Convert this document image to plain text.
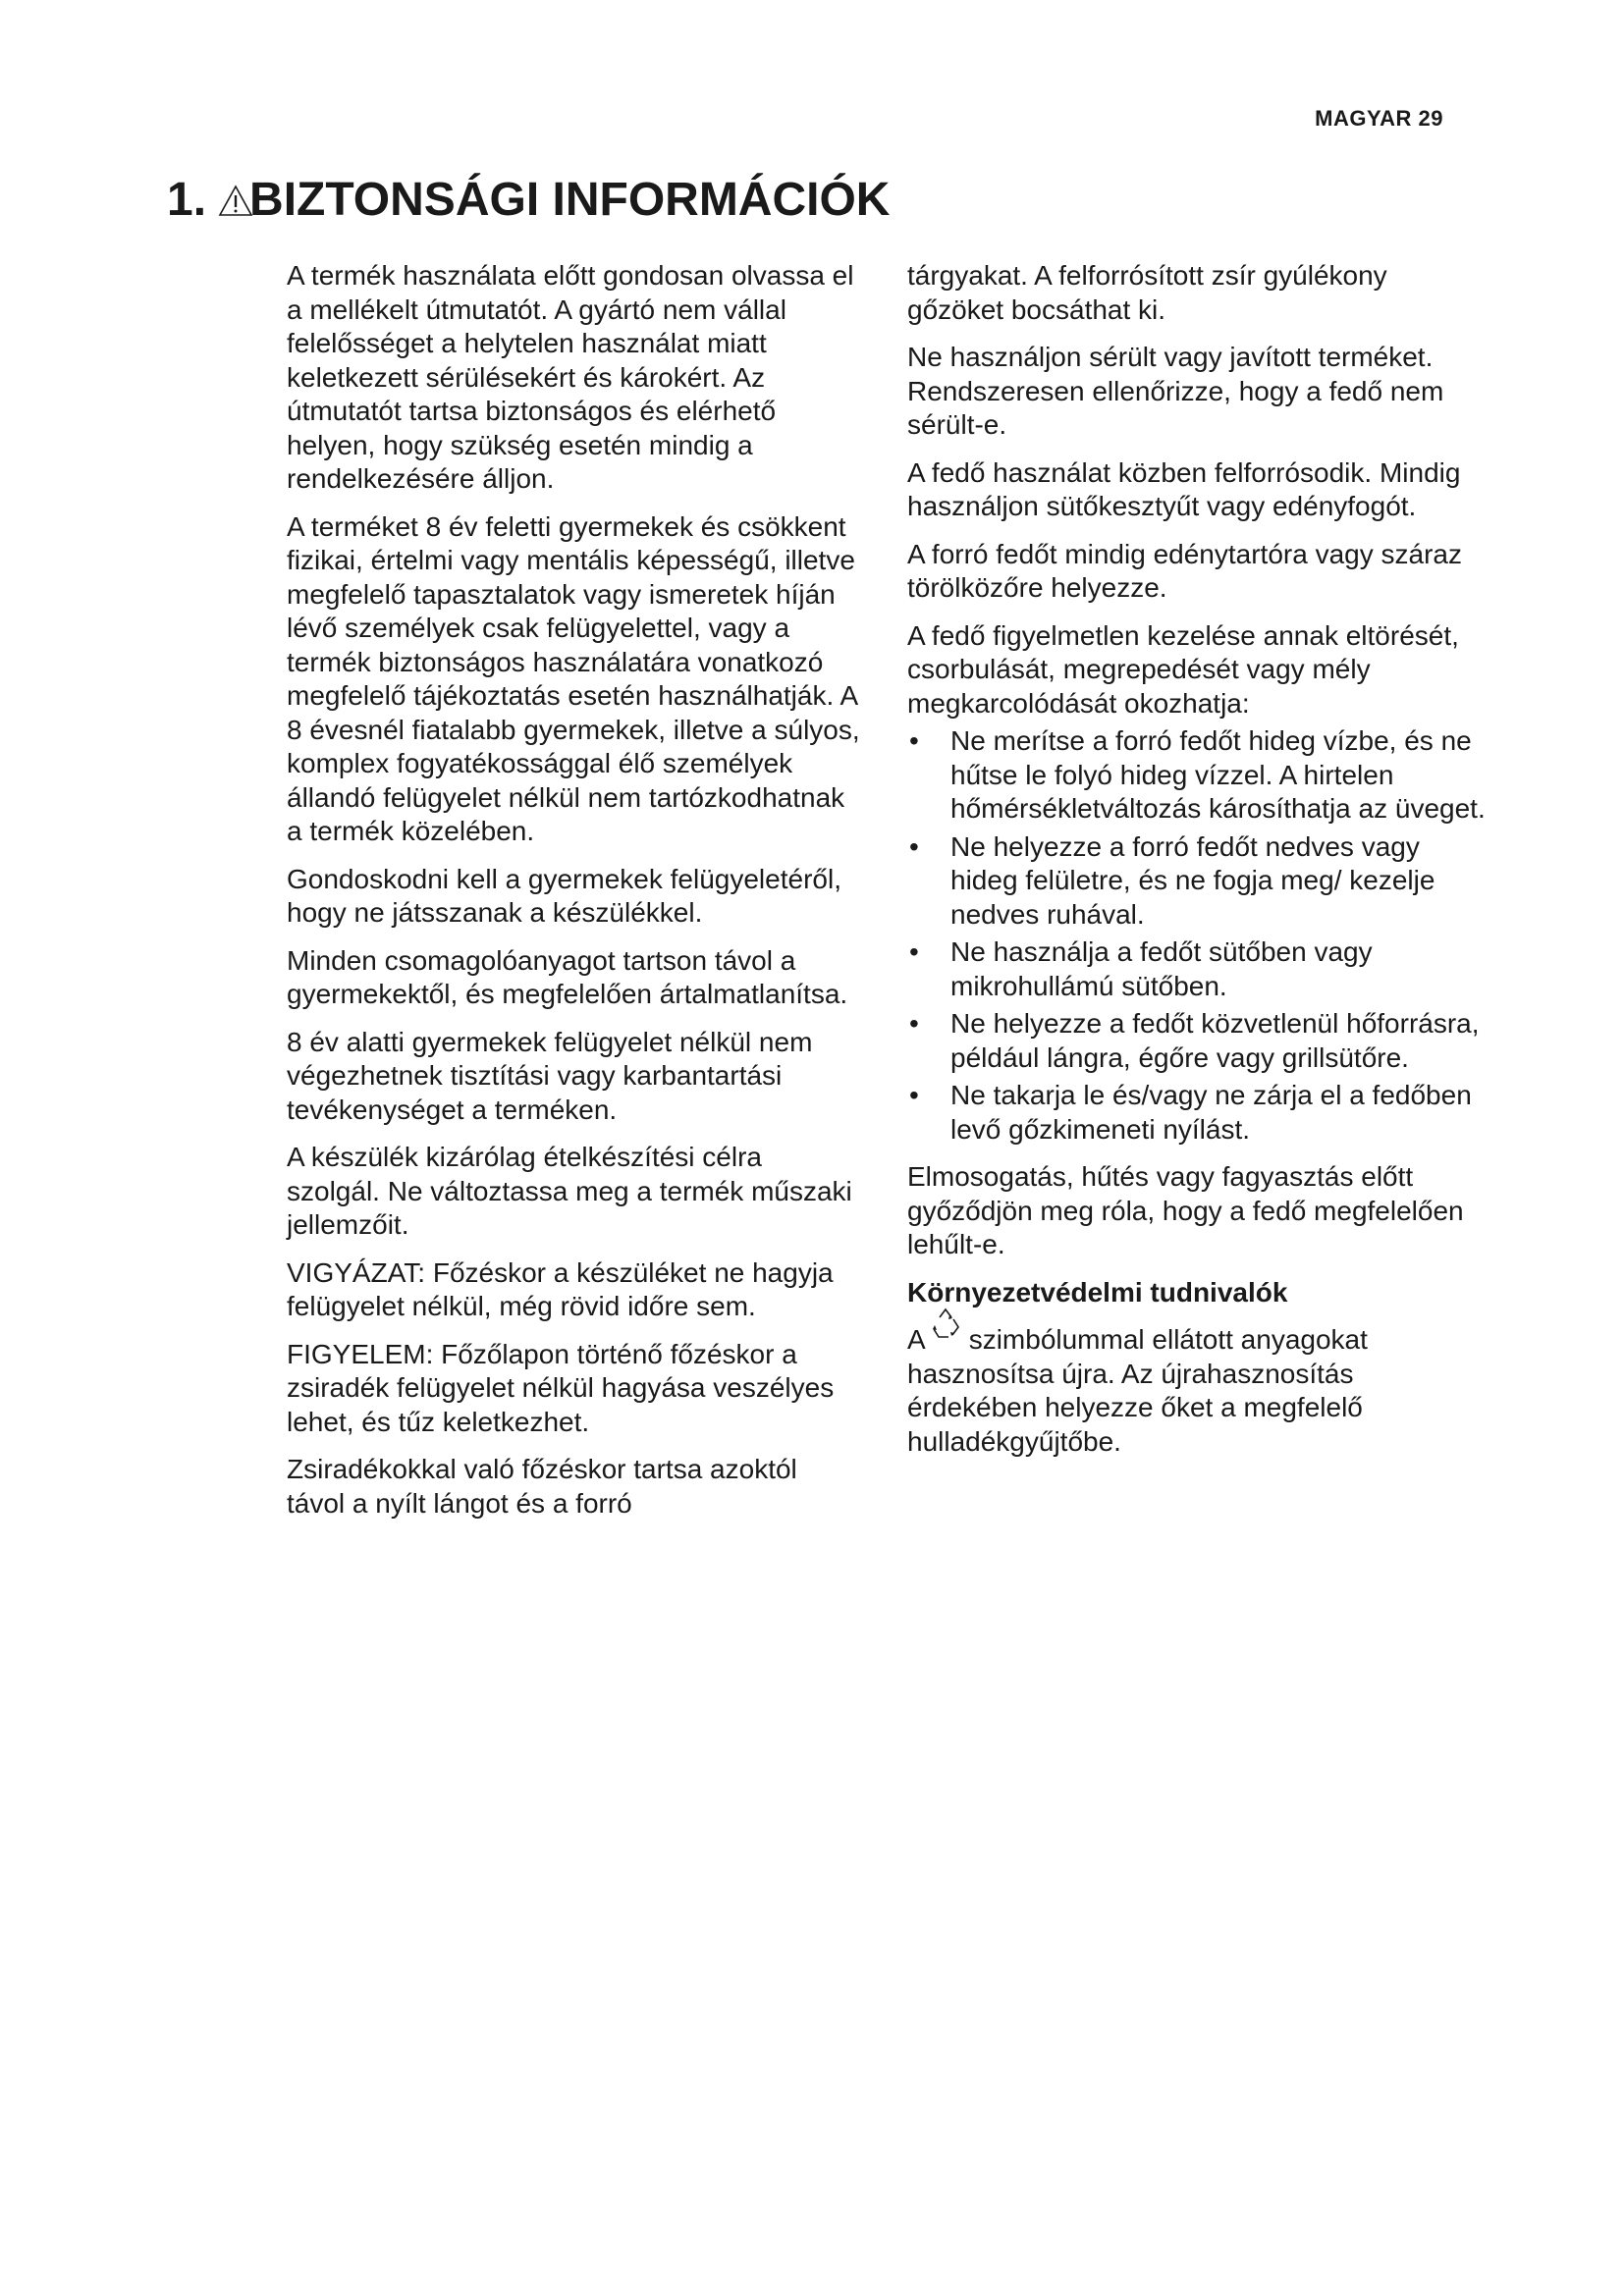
MAGYAR 29
1. BIZTONSÁGI INFORMÁCIÓK

A termék használata előtt gondosan olvassa el a mellékelt útmutatót. A gyártó nem vállal felelősséget a helytelen használat miatt keletkezett sérülésekért és károkért. Az útmutatót tartsa biztonságos és elérhető helyen, hogy szükség esetén mindig a rendelkezésére álljon.

A terméket 8 év feletti gyermekek és csökkent fizikai, értelmi vagy mentális képességű, illetve megfelelő tapasztalatok vagy ismeretek híján lévő személyek csak felügyelettel, vagy a termék biztonságos használatára vonatkozó megfelelő tájékoztatás esetén használhatják. A 8 évesnél fiatalabb gyermekek, illetve a súlyos, komplex fogyatékossággal élő személyek állandó felügyelet nélkül nem tartózkodhatnak a termék közelében.

Gondoskodni kell a gyermekek felügyeletéről, hogy ne játsszanak a készülékkel.

Minden csomagolóanyagot tartson távol a gyermekektől, és megfelelően ártalmatlanítsa.

8 év alatti gyermekek felügyelet nélkül nem végezhetnek tisztítási vagy karbantartási tevékenységet a terméken.

A készülék kizárólag ételkészítési célra szolgál. Ne változtassa meg a termék műszaki jellemzőit.

VIGYÁZAT: Főzéskor a készüléket ne hagyja felügyelet nélkül, még rövid időre sem.

FIGYELEM: Főzőlapon történő főzéskor a zsiradék felügyelet nélkül hagyása veszélyes lehet, és tűz keletkezhet.

Zsiradékokkal való főzéskor tartsa azoktól távol a nyílt lángot és a forró

tárgyakat. A felforrósított zsír gyúlékony gőzöket bocsáthat ki.

Ne használjon sérült vagy javított terméket. Rendszeresen ellenőrizze, hogy a fedő nem sérült-e.

A fedő használat közben felforrósodik. Mindig használjon sütőkesztyűt vagy edényfogót.

A forró fedőt mindig edénytartóra vagy száraz törölközőre helyezze.

A fedő figyelmetlen kezelése annak eltörését, csorbulását, megrepedését vagy mély megkarcolódását okozhatja:

• Ne merítse a forró fedőt hideg vízbe, és ne hűtse le folyó hideg vízzel. A hirtelen hőmérsékletváltozás károsíthatja az üveget.
• Ne helyezze a forró fedőt nedves vagy hideg felületre, és ne fogja meg/ kezelje nedves ruhával.
• Ne használja a fedőt sütőben vagy mikrohullámú sütőben.
• Ne helyezze a fedőt közvetlenül hőforrásra, például lángra, égőre vagy grillsütőre.
• Ne takarja le és/vagy ne zárja el a fedőben levő gőzkimeneti nyílást.

Elmosogatás, hűtés vagy fagyasztás előtt győződjön meg róla, hogy a fedő megfelelően lehűlt-e.

Környezetvédelmi tudnivalók

A szimbólummal ellátott anyagokat hasznosítsa újra. Az újrahasznosítás érdekében helyezze őket a megfelelő hulladékgyűjtőbe.
